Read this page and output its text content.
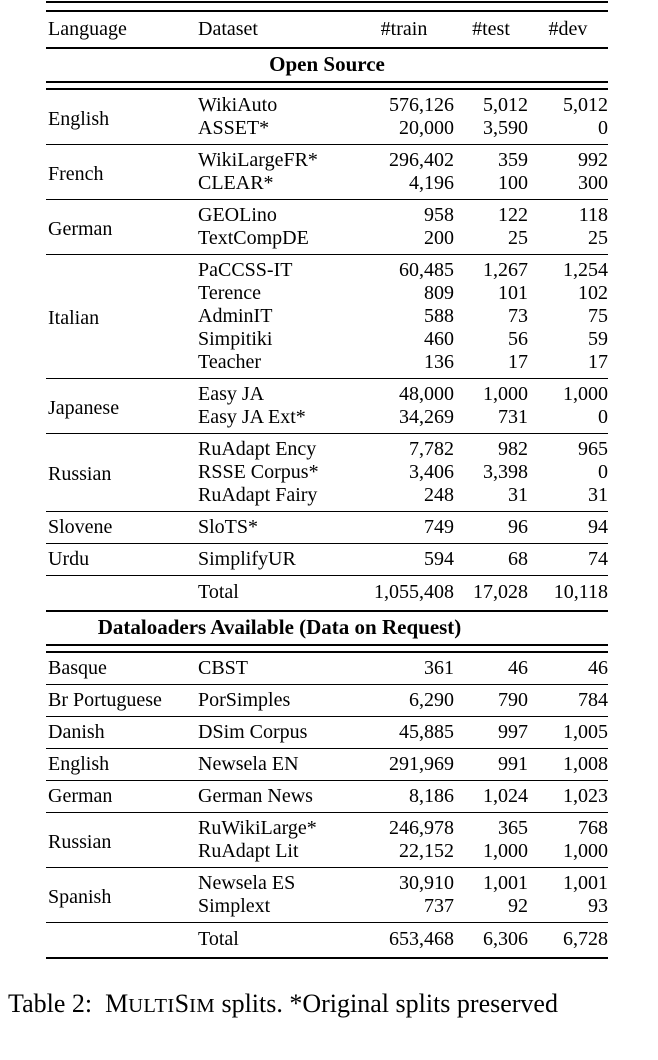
Language	Dataset	#train	#test	#dev
Open Source				

English	WikiAuto	576,126	5,012	5,012
	ASSET*	20,000	3,590	0
French	WikiLargeFR*	296,402	359	992
	CLEAR*	4,196	100	300
German	GEOLino	958	122	118
	TextCompDE	200	25	25
Italian	PaCCSS-IT	60,485	1,267	1,254
	Terence	809	101	102
	AdminIT	588	73	75
	Simpitiki	460	56	59
	Teacher	136	17	17
Japanese	Easy JA	48,000	1,000	1,000
	Easy JA Ext*	34,269	731	0
Russian	RuAdapt Ency	7,782	982	965
	RSSE Corpus*	3,406	3,398	0
	RuAdapt Fairy	248	31	31
Slovene	SloTS*	749	96	94
Urdu	SimplifyUR	594	68	74
	Total	1,055,408	17,028	10,118
Dataloaders Available (Data on Request)				

Basque	CBST	361	46	46
Br Portuguese	PorSimples	6,290	790	784
Danish	DSim Corpus	45,885	997	1,005
English	Newsela EN	291,969	991	1,008
German	German News	8,186	1,024	1,023
Russian	RuWikiLarge*	246,978	365	768
	RuAdapt Lit	22,152	1,000	1,000
Spanish	Newsela ES	30,910	1,001	1,001
	Simplext	737	92	93
	Total	653,468	6,306	6,728
Table 2: MULTISIM splits. *Original splits preserved
